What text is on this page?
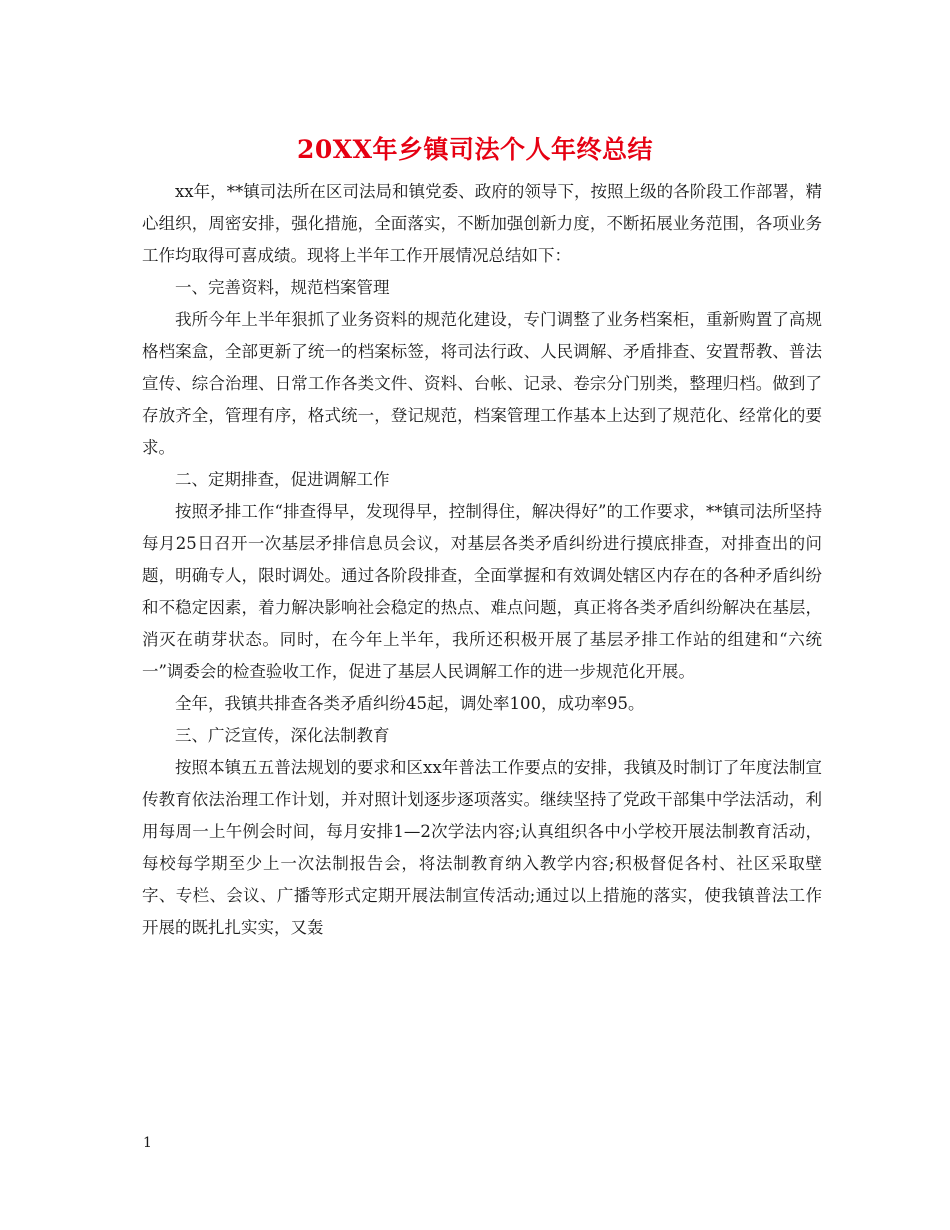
20XX年乡镇司法个人年终总结

xx年，**镇司法所在区司法局和镇党委、政府的领导下，按照上级的各阶段工作部署，精心组织，周密安排，强化措施，全面落实，不断加强创新力度，不断拓展业务范围，各项业务工作均取得可喜成绩。现将上半年工作开展情况总结如下：

一、完善资料，规范档案管理

我所今年上半年狠抓了业务资料的规范化建设，专门调整了业务档案柜，重新购置了高规格档案盒，全部更新了统一的档案标签，将司法行政、人民调解、矛盾排查、安置帮教、普法宣传、综合治理、日常工作各类文件、资料、台帐、记录、卷宗分门别类，整理归档。做到了存放齐全，管理有序，格式统一，登记规范，档案管理工作基本上达到了规范化、经常化的要求。

二、定期排查，促进调解工作

按照矛排工作“排查得早，发现得早，控制得住，解决得好”的工作要求，**镇司法所坚持每月25日召开一次基层矛排信息员会议，对基层各类矛盾纠纷进行摸底排查，对排查出的问题，明确专人，限时调处。通过各阶段排查，全面掌握和有效调处辖区内存在的各种矛盾纠纷和不稳定因素，着力解决影响社会稳定的热点、难点问题，真正将各类矛盾纠纷解决在基层，消灭在萌芽状态。同时，在今年上半年，我所还积极开展了基层矛排工作站的组建和“六统一”调委会的检查验收工作，促进了基层人民调解工作的进一步规范化开展。

全年，我镇共排查各类矛盾纠纷45起，调处率100，成功率95。

三、广泛宣传，深化法制教育

按照本镇五五普法规划的要求和区xx年普法工作要点的安排，我镇及时制订了年度法制宣传教育依法治理工作计划，并对照计划逐步逐项落实。继续坚持了党政干部集中学法活动，利用每周一上午例会时间，每月安排1—2次学法内容;认真组织各中小学校开展法制教育活动，每校每学期至少上一次法制报告会，将法制教育纳入教学内容;积极督促各村、社区采取壁字、专栏、会议、广播等形式定期开展法制宣传活动;通过以上措施的落实，使我镇普法工作开展的既扎扎实实，又轰

1
